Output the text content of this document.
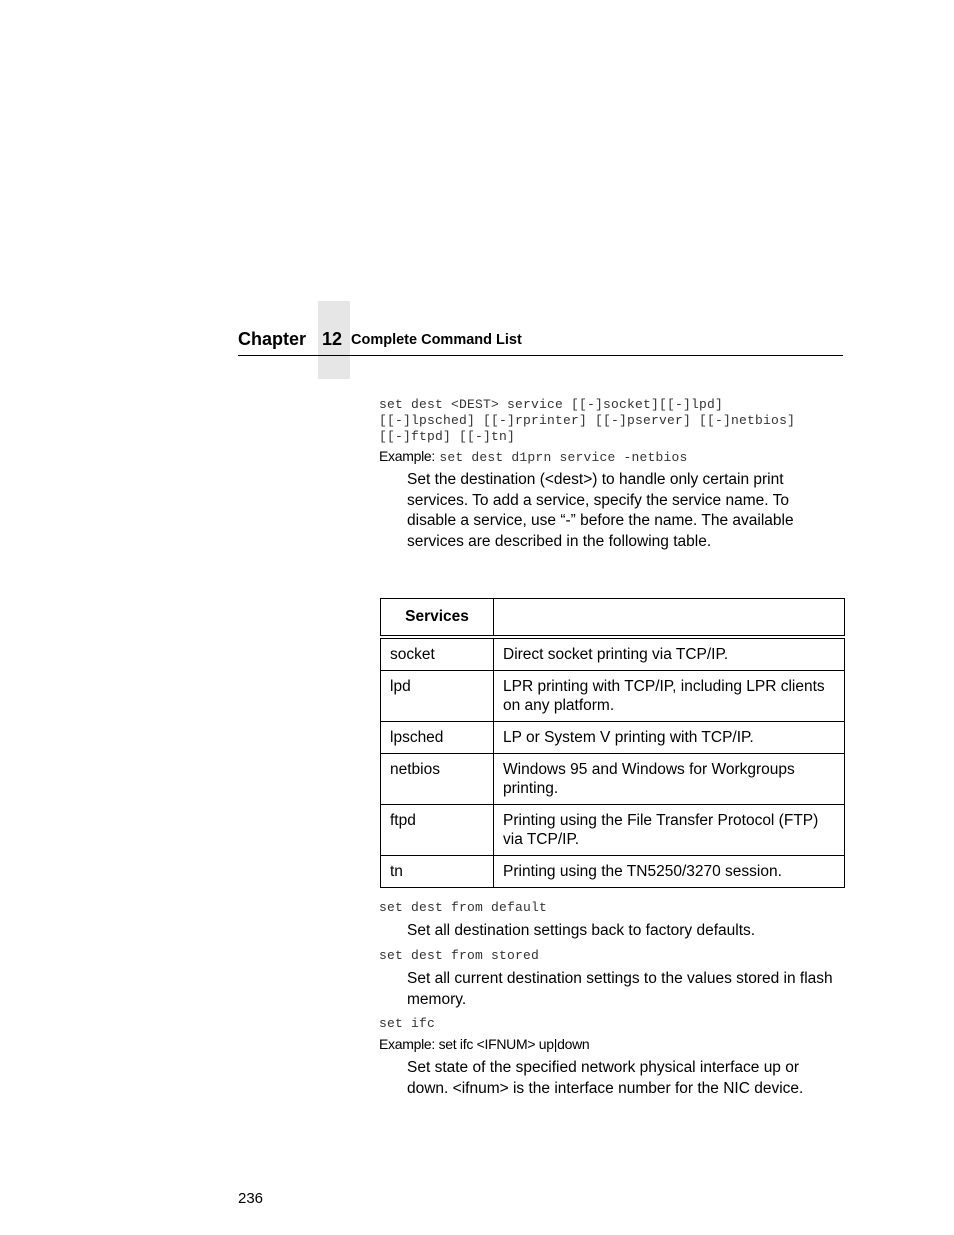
Chapter 12 Complete Command List
set dest <DEST> service [[-]socket][[-]lpd]
[[-]lpsched] [[-]rprinter] [[-]pserver] [[-]netbios]
[[-]ftpd] [[-]tn]
Example: set dest d1prn service -netbios
Set the destination (<dest>) to handle only certain print
services. To add a service, specify the service name. To
disable a service, use “-” before the name. The available
services are described in the following table.
Services	
socket	Direct socket printing via TCP/IP.
lpd	LPR printing with TCP/IP, including LPR clients on any platform.
lpsched	LP or System V printing with TCP/IP.
netbios	Windows 95 and Windows for Workgroups printing.
ftpd	Printing using the File Transfer Protocol (FTP) via TCP/IP.
tn	Printing using the TN5250/3270 session.
set dest from default
Set all destination settings back to factory defaults.
set dest from stored
Set all current destination settings to the values stored in flash
memory.
set ifc
Example: set ifc <IFNUM> up|down
Set state of the specified network physical interface up or
down. <ifnum> is the interface number for the NIC device.
236
